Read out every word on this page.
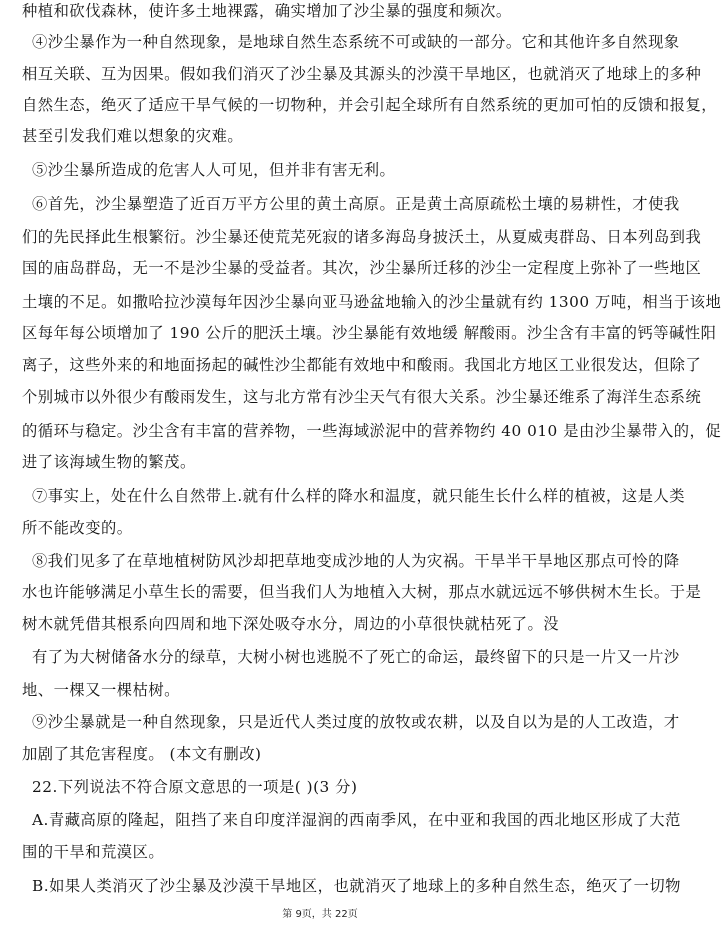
种植和砍伐森林，使许多土地裸露，确实增加了沙尘暴的强度和频次。
④沙尘暴作为一种自然现象，是地球自然生态系统不可或缺的一部分。它和其他许多自然现象
相互关联、互为因果。假如我们消灭了沙尘暴及其源头的沙漠干旱地区，也就消灭了地球上的多种
自然生态，绝灭了适应干旱气候的一切物种，并会引起全球所有自然系统的更加可怕的反馈和报复，
甚至引发我们难以想象的灾难。
⑤沙尘暴所造成的危害人人可见，但并非有害无利。
⑥首先，沙尘暴塑造了近百万平方公里的黄土高原。正是黄土高原疏松土壤的易耕性，才使我
们的先民择此生根繁衍。沙尘暴还使荒芜死寂的诸多海岛身披沃土，从夏威夷群岛、日本列岛到我
国的庙岛群岛，无一不是沙尘暴的受益者。其次，沙尘暴所迁移的沙尘一定程度上弥补了一些地区
土壤的不足。如撒哈拉沙漠每年因沙尘暴向亚马逊盆地输入的沙尘量就有约 1300 万吨，相当于该地
区每年每公顷增加了 190 公斤的肥沃土壤。沙尘暴能有效地缓 解酸雨。沙尘含有丰富的钙等碱性阳
离子，这些外来的和地面扬起的碱性沙尘都能有效地中和酸雨。我国北方地区工业很发达，但除了
个别城市以外很少有酸雨发生，这与北方常有沙尘天气有很大关系。沙尘暴还维系了海洋生态系统
的循环与稳定。沙尘含有丰富的营养物，一些海域淤泥中的营养物约 40 010 是由沙尘暴带入的，促
进了该海域生物的繁茂。
⑦事实上，处在什么自然带上.就有什么样的降水和温度，就只能生长什么样的植被，这是人类
所不能改变的。
⑧我们见多了在草地植树防风沙却把草地变成沙地的人为灾祸。干旱半干旱地区那点可怜的降
水也许能够满足小草生长的需要，但当我们人为地植入大树，那点水就远远不够供树木生长。于是
树木就凭借其根系向四周和地下深处吸夺水分，周边的小草很快就枯死了。没
有了为大树储备水分的绿草，大树小树也逃脱不了死亡的命运，最终留下的只是一片又一片沙
地、一棵又一棵枯树。
⑨沙尘暴就是一种自然现象，只是近代人类过度的放牧或农耕，以及自以为是的人工改造，才
加剧了其危害程度。 (本文有删改)
22.下列说法不符合原文意思的一项是( )(3 分)
A.青藏高原的隆起，阻挡了来自印度洋湿润的西南季风，在中亚和我国的西北地区形成了大范
围的干旱和荒漠区。
B.如果人类消灭了沙尘暴及沙漠干旱地区，也就消灭了地球上的多种自然生态，绝灭了一切物
第 9页，共 22页
